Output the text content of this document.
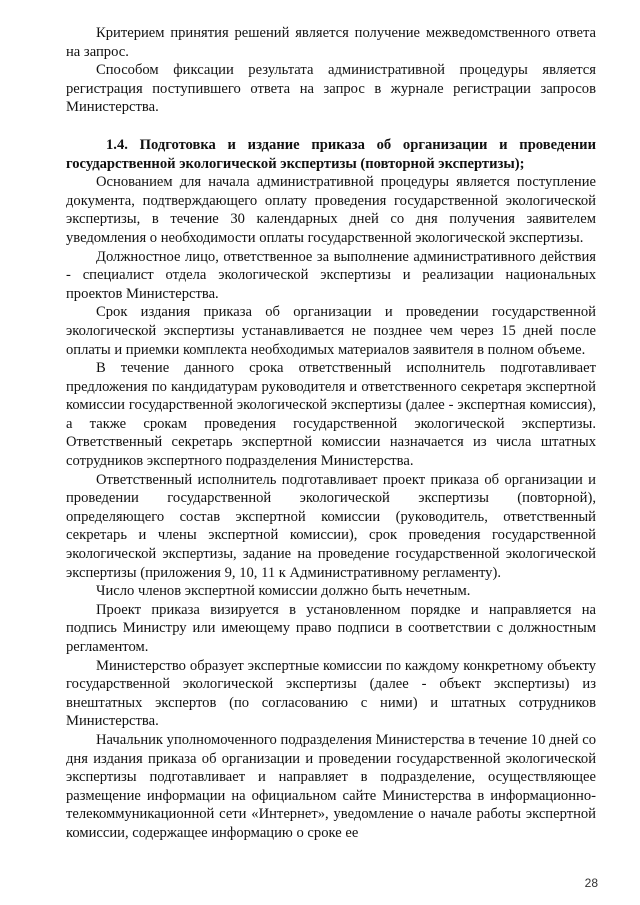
Критерием принятия решений является получение межведомственного ответа на запрос.

Способом фиксации результата административной процедуры является регистрация поступившего ответа на запрос в журнале регистрации запросов Министерства.

1.4. Подготовка и издание приказа об организации и проведении государственной экологической экспертизы (повторной экспертизы);

Основанием для начала административной процедуры является поступление документа, подтверждающего оплату проведения государственной экологической экспертизы, в течение 30 календарных дней со дня получения заявителем уведомления о необходимости оплаты государственной экологической экспертизы.

Должностное лицо, ответственное за выполнение административного действия - специалист отдела экологической экспертизы и реализации национальных проектов Министерства.

Срок издания приказа об организации и проведении государственной экологической экспертизы устанавливается не позднее чем через 15 дней после оплаты и приемки комплекта необходимых материалов заявителя в полном объеме.

В течение данного срока ответственный исполнитель подготавливает предложения по кандидатурам руководителя и ответственного секретаря экспертной комиссии государственной экологической экспертизы (далее - экспертная комиссия), а также срокам проведения государственной экологической экспертизы. Ответственный секретарь экспертной комиссии назначается из числа штатных сотрудников экспертного подразделения Министерства.

Ответственный исполнитель подготавливает проект приказа об организации и проведении государственной экологической экспертизы (повторной), определяющего состав экспертной комиссии (руководитель, ответственный секретарь и члены экспертной комиссии), срок проведения государственной экологической экспертизы, задание на проведение государственной экологической экспертизы (приложения 9, 10, 11 к Административному регламенту).

Число членов экспертной комиссии должно быть нечетным.

Проект приказа визируется в установленном порядке и направляется на подпись Министру или имеющему право подписи в соответствии с должностным регламентом.

Министерство образует экспертные комиссии по каждому конкретному объекту государственной экологической экспертизы (далее - объект экспертизы) из внештатных экспертов (по согласованию с ними) и штатных сотрудников Министерства.

Начальник уполномоченного подразделения Министерства в течение 10 дней со дня издания приказа об организации и проведении государственной экологической экспертизы подготавливает и направляет в подразделение, осуществляющее размещение информации на официальном сайте Министерства в информационно-телекоммуникационной сети «Интернет», уведомление о начале работы экспертной комиссии, содержащее информацию о сроке ее

28
